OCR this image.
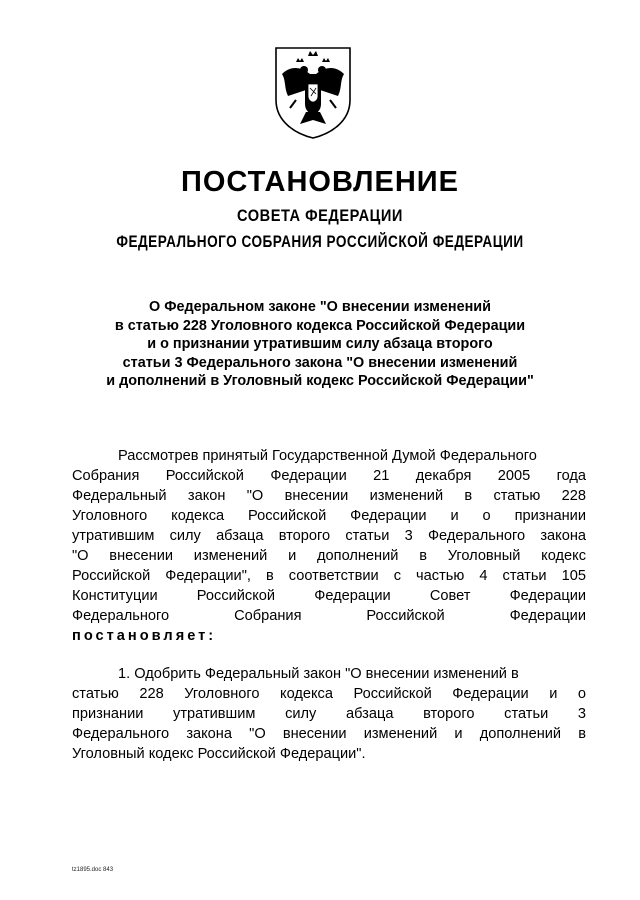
ПОСТАНОВЛЕНИЕ
СОВЕТА ФЕДЕРАЦИИ
ФЕДЕРАЛЬНОГО СОБРАНИЯ РОССИЙСКОЙ ФЕДЕРАЦИИ
О Федеральном законе "О внесении изменений
в статью 228 Уголовного кодекса Российской Федерации
и о признании утратившим силу абзаца второго
статьи 3 Федерального закона "О внесении изменений
и дополнений в Уголовный кодекс Российской Федерации"
Рассмотрев принятый Государственной Думой Федерального
Собрания Российской Федерации 21 декабря 2005 года
Федеральный закон "О внесении изменений в статью 228
Уголовного кодекса Российской Федерации и о признании
утратившим силу абзаца второго статьи 3 Федерального закона
"О внесении изменений и дополнений в Уголовный кодекс
Российской Федерации", в соответствии с частью 4 статьи 105
Конституции Российской Федерации Совет Федерации
Федерального Собрания Российской Федерации
постановляет:
1. Одобрить Федеральный закон "О внесении изменений в
статью 228 Уголовного кодекса Российской Федерации и о
признании утратившим силу абзаца второго статьи 3
Федерального закона "О внесении изменений и дополнений в
Уголовный кодекс Российской Федерации".
tz1895.doc 843
